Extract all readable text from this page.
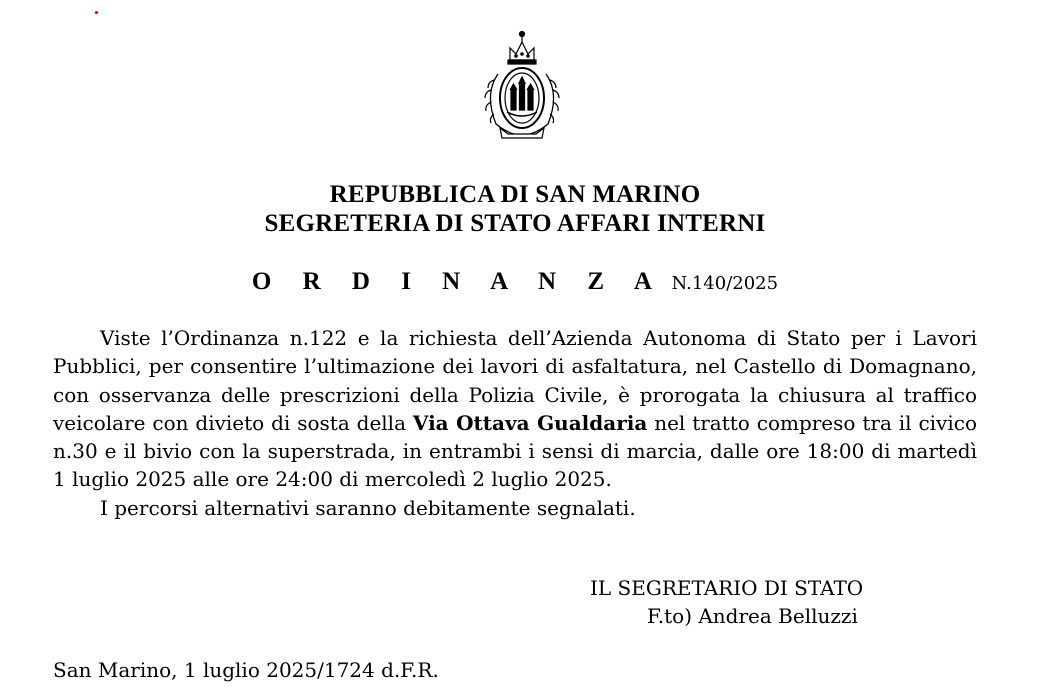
REPUBBLICA DI SAN MARINO
SEGRETERIA DI STATO AFFARI INTERNI
O R D I N A N Z A N.140/2025

Viste l’Ordinanza n.122 e la richiesta dell’Azienda Autonoma di Stato per i Lavori Pubblici, per consentire l’ultimazione dei lavori di asfaltatura, nel Castello di Domagnano, con osservanza delle prescrizioni della Polizia Civile, è prorogata la chiusura al traffico veicolare con divieto di sosta della Via Ottava Gualdaria nel tratto compreso tra il civico n.30 e il bivio con la superstrada, in entrambi i sensi di marcia, dalle ore 18:00 di martedì 1 luglio 2025 alle ore 24:00 di mercoledì 2 luglio 2025.

I percorsi alternativi saranno debitamente segnalati.

IL SEGRETARIO DI STATO
F.to) Andrea Belluzzi
San Marino, 1 luglio 2025/1724 d.F.R.
